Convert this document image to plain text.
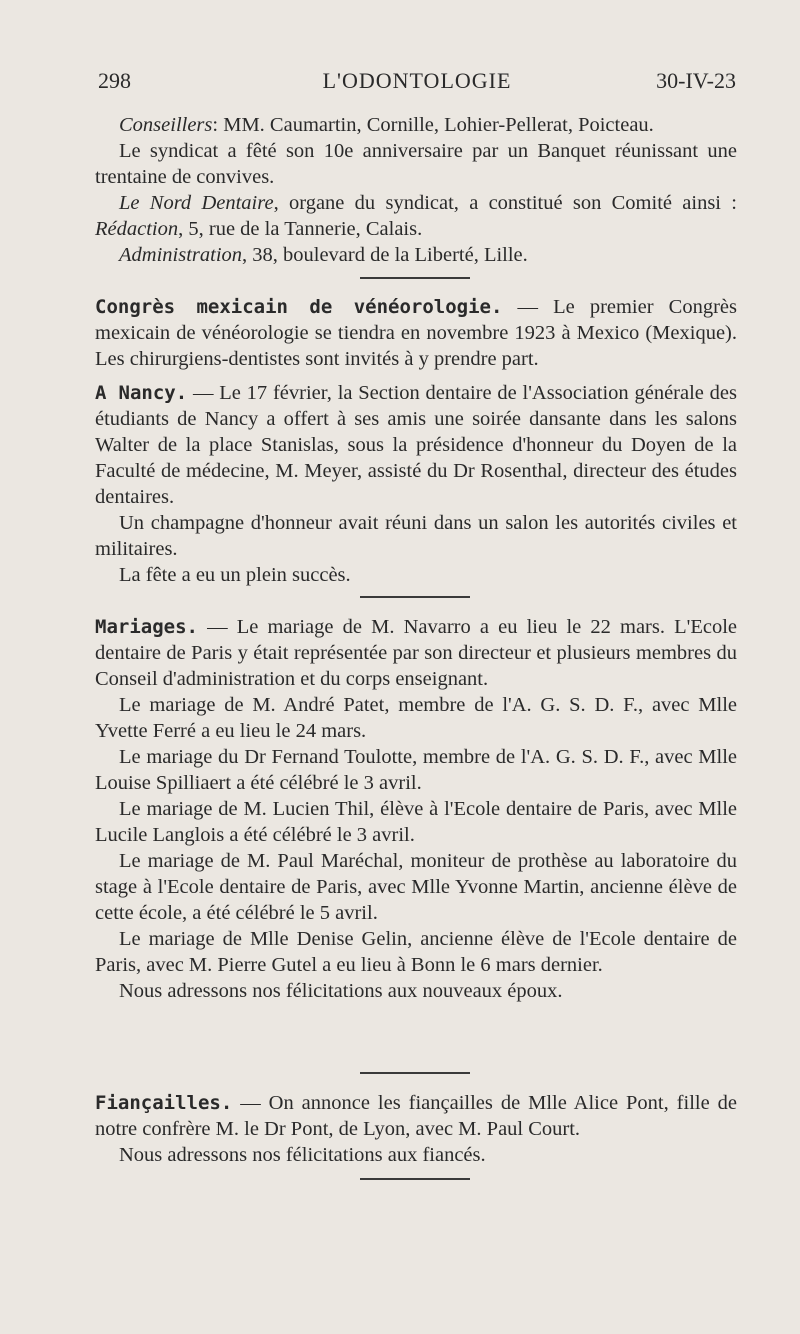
298	L'ODONTOLOGIE	30-IV-23

Conseillers: MM. Caumartin, Cornille, Lohier-Pellerat, Poicteau.

Le syndicat a fêté son 10e anniversaire par un Banquet réunissant une trentaine de convives.

Le Nord Dentaire, organe du syndicat, a constitué son Comité ainsi : Rédaction, 5, rue de la Tannerie, Calais.

Administration, 38, boulevard de la Liberté, Lille.

Congrès mexicain de vénéorologie. — Le premier Congrès mexicain de vénéorologie se tiendra en novembre 1923 à Mexico (Mexique). Les chirurgiens-dentistes sont invités à y prendre part.

A Nancy. — Le 17 février, la Section dentaire de l'Association générale des étudiants de Nancy a offert à ses amis une soirée dansante dans les salons Walter de la place Stanislas, sous la présidence d'honneur du Doyen de la Faculté de médecine, M. Meyer, assisté du Dr Rosenthal, directeur des études dentaires.

Un champagne d'honneur avait réuni dans un salon les autorités civiles et militaires.

La fête a eu un plein succès.

Mariages. — Le mariage de M. Navarro a eu lieu le 22 mars. L'Ecole dentaire de Paris y était représentée par son directeur et plusieurs membres du Conseil d'administration et du corps enseignant.

Le mariage de M. André Patet, membre de l'A. G. S. D. F., avec Mlle Yvette Ferré a eu lieu le 24 mars.

Le mariage du Dr Fernand Toulotte, membre de l'A. G. S. D. F., avec Mlle Louise Spilliaert a été célébré le 3 avril.

Le mariage de M. Lucien Thil, élève à l'Ecole dentaire de Paris, avec Mlle Lucile Langlois a été célébré le 3 avril.

Le mariage de M. Paul Maréchal, moniteur de prothèse au laboratoire du stage à l'Ecole dentaire de Paris, avec Mlle Yvonne Martin, ancienne élève de cette école, a été célébré le 5 avril.

Le mariage de Mlle Denise Gelin, ancienne élève de l'Ecole dentaire de Paris, avec M. Pierre Gutel a eu lieu à Bonn le 6 mars dernier.

Nous adressons nos félicitations aux nouveaux époux.

Fiançailles. — On annonce les fiançailles de Mlle Alice Pont, fille de notre confrère M. le Dr Pont, de Lyon, avec M. Paul Court.

Nous adressons nos félicitations aux fiancés.
